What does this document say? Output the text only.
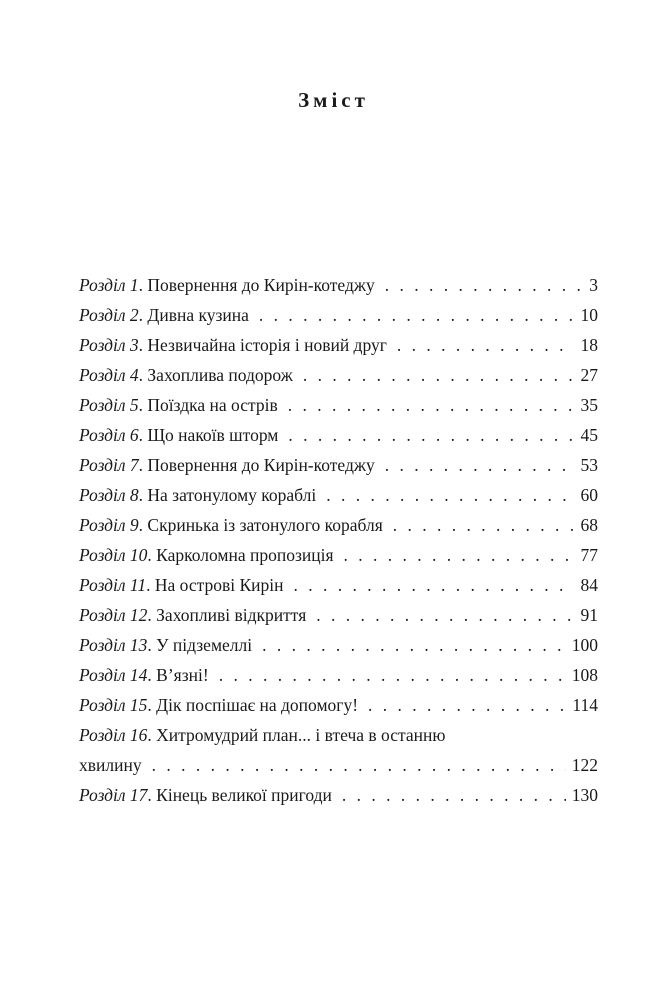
Зміст
Розділ 1. Повернення до Кирін-котеджу . . .	3
Розділ 2. Дивна кузина . . .	10
Розділ 3. Незвичайна історія і новий друг . . .	18
Розділ 4. Захоплива подорож . . .	27
Розділ 5. Поїздка на острів . . .	35
Розділ 6. Що накоїв шторм . . .	45
Розділ 7. Повернення до Кирін-котеджу . . .	53
Розділ 8. На затонулому кораблі . . .	60
Розділ 9. Скринька із затонулого корабля . . .	68
Розділ 10. Карколомна пропозиція . . .	77
Розділ 11. На острові Кирін . . .	84
Розділ 12. Захопливі відкриття . . .	91
Розділ 13. У підземеллі . . .	100
Розділ 14. В’язні! . . .	108
Розділ 15. Дік поспішає на допомогу! . . .	114
Розділ 16. Хитромудрий план... і втеча в останню
хвилину . . .	122
Розділ 17. Кінець великої пригоди . . .	130
